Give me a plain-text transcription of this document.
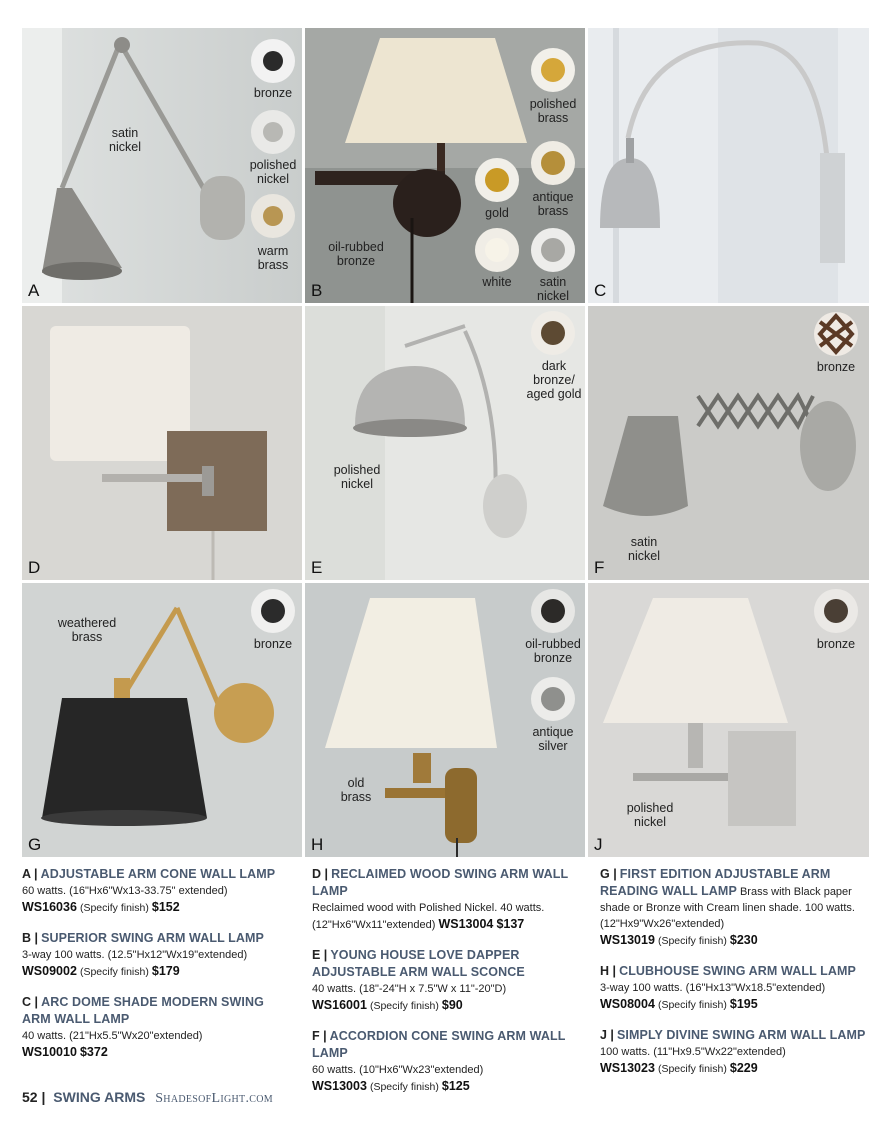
satin
nickel
bronze
polished
nickel
warm
brass
A
oil-rubbed
bronze
polished
brass
antique
brass
gold
white	satin
nickel
B	C
D
polished
nickel
dark
bronze/
aged gold
E
satin
nickel
bronze
F
weathered
brass	bronze
G
old
brass
oil-rubbed
bronze
antique
silver
H
polished
nickel
bronze
J
A | ADJUSTABLE ARM CONE WALL LAMP
60 watts. (16"Hx6"Wx13-33.75" extended)
WS16036 (Specify finish) $152
B | SUPERIOR SWING ARM WALL LAMP
3-way 100 watts. (12.5"Hx12"Wx19"extended)
WS09002 (Specify finish) $179
C | ARC DOME SHADE MODERN SWING ARM WALL LAMP
40 watts. (21"Hx5.5"Wx20"extended)
WS10010 $372
D | RECLAIMED WOOD SWING ARM WALL LAMP
Reclaimed wood with Polished Nickel. 40 watts.
(12"Hx6"Wx11"extended) WS13004 $137
E | YOUNG HOUSE LOVE DAPPER ADJUSTABLE ARM WALL SCONCE
40 watts. (18"-24"H x 7.5"W x 11"-20"D)
WS16001 (Specify finish) $90
F | ACCORDION CONE SWING ARM WALL LAMP
60 watts. (10"Hx6"Wx23"extended)
WS13003 (Specify finish) $125
G | FIRST EDITION ADJUSTABLE ARM READING WALL LAMP Brass with Black paper shade or Bronze with Cream linen shade. 100 watts. (12"Hx9"Wx26"extended)
WS13019 (Specify finish) $230
H | CLUBHOUSE SWING ARM WALL LAMP
3-way 100 watts. (16"Hx13"Wx18.5"extended)
WS08004 (Specify finish) $195
J | SIMPLY DIVINE SWING ARM WALL LAMP
100 watts. (11"Hx9.5"Wx22"extended)
WS13023 (Specify finish) $229
52 | SWING ARMS ShadesofLight.com
